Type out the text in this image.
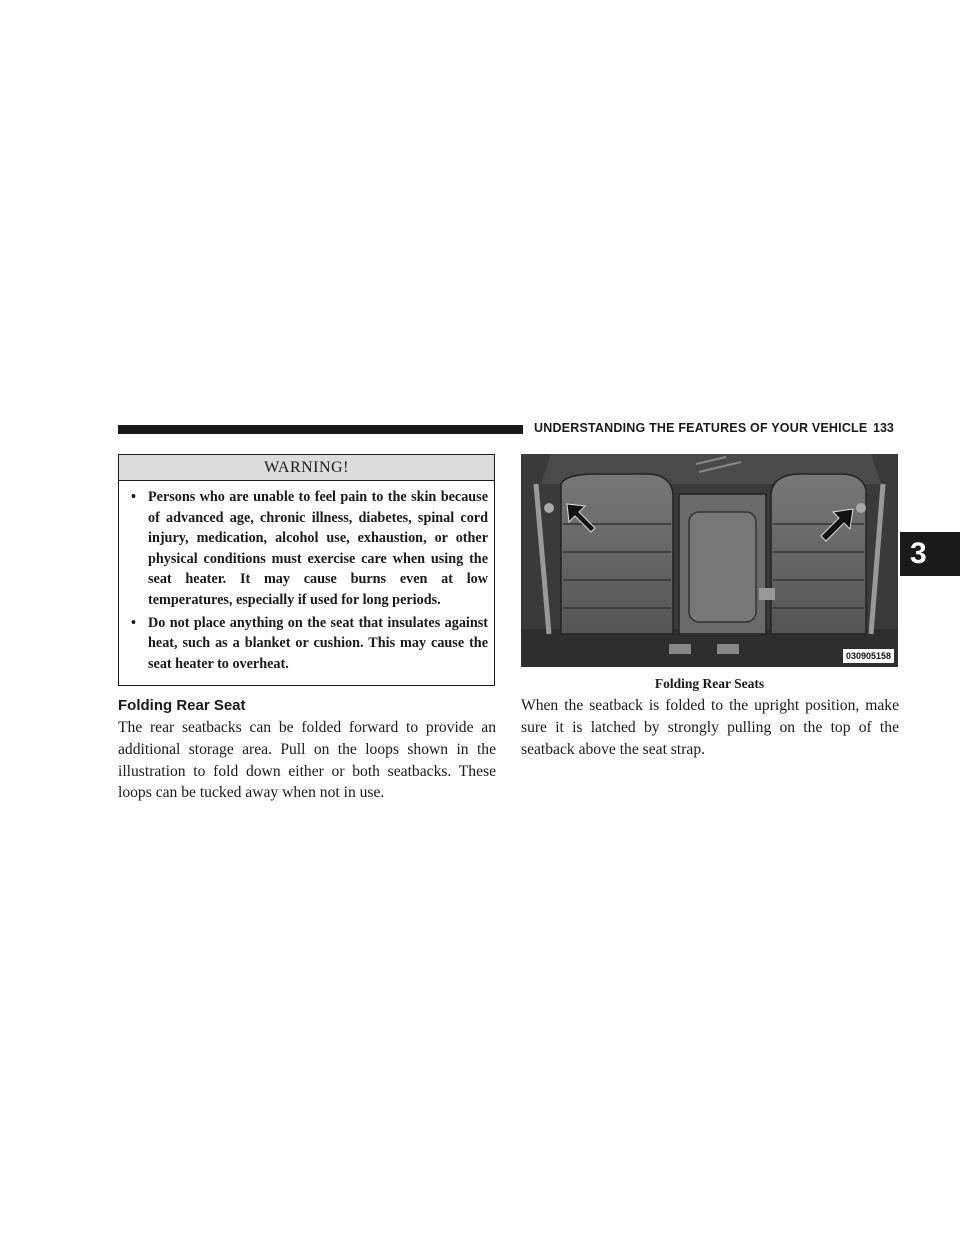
UNDERSTANDING THE FEATURES OF YOUR VEHICLE 133
3
WARNING!
• Persons who are unable to feel pain to the skin because of advanced age, chronic illness, diabetes, spinal cord injury, medication, alcohol use, exhaustion, or other physical conditions must exercise care when using the seat heater. It may cause burns even at low temperatures, especially if used for long periods.
• Do not place anything on the seat that insulates against heat, such as a blanket or cushion. This may cause the seat heater to overheat.
Folding Rear Seat

The rear seatbacks can be folded forward to provide an additional storage area. Pull on the loops shown in the illustration to fold down either or both seatbacks. These loops can be tucked away when not in use.

030905158
Folding Rear Seats

When the seatback is folded to the upright position, make sure it is latched by strongly pulling on the top of the seatback above the seat strap.
